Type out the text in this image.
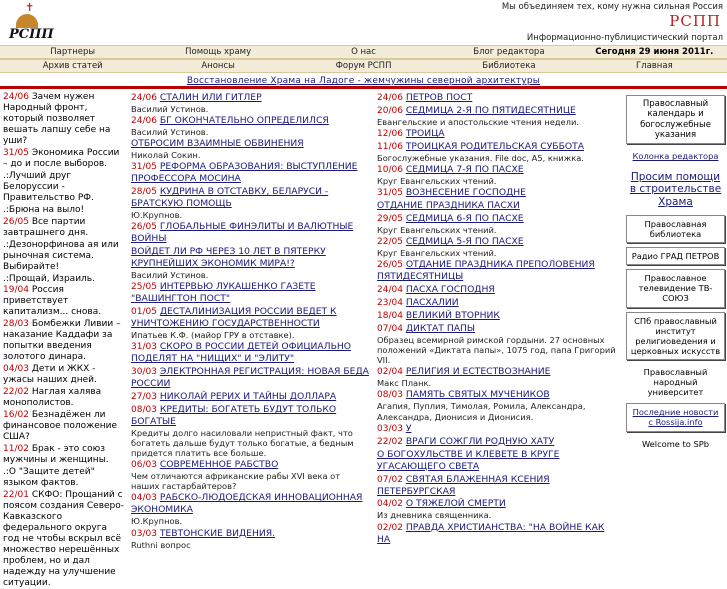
✝
РСПП
Мы объединяем тех, кому нужна сильная Россия
РСПП
Информационно-публицистический портал
Партнеры	Помощь храму	О нас	Блог редактора	Сегодня 29 июня 2011г.
Архив статей	Анонсы	Форум РСПП	Библиотека	Главная
Восстановление Храма на Ладоге - жемчужины северной архитектуры
24/06 Зачем нужен Народный фронт, который позволяет вешать лапшу себе на уши?
31/05 Экономика России – до и после выборов.
.:Лучший друг Белоруссии - Правительство РФ.
.:Брюна на выло!
26/05 Все партии завтрашнего дня.
.:Дезонорфинова ая или рыночная система. Выбирайте!
.:Прощай, Израиль.
19/04 Россия приветствует капитализм... снова.
28/03 Бомбежки Ливии – наказание Каддафи за попытки введения золотого динара.
04/03 Дети и ЖКХ - ужасы наших дней.
22/02 Наглая халява монополистов.
16/02 Безнадёжен ли финансовое положение США?
11/02 Брак - это союз мужчины и женщины.
.:О "Защите детей" языком фактов.
22/01 СКФО: Прощаний с поясом создания Северо-Кавказского федерального округа год не чтобы вскрыл всё множество нерешённых проблем, но и дал надежду на улучшение ситуации.
24/06 СТАЛИН ИЛИ ГИТЛЕР
Василий Устинов.
24/06 БГ ОКОНЧАТЕЛЬНО ОПРЕДЕЛИЛСЯ
Василий Устинов.
ОТБРОСИМ ВЗАИМНЫЕ ОБВИНЕНИЯ
Николай Сокин.
31/05 РЕФОРМА ОБРАЗОВАНИЯ: ВЫСТУПЛЕНИЕ ПРОФЕССОРА МОСИНА
28/05 КУДРИНА В ОТСТАВКУ, БЕЛАРУСИ - БРАТСКУЮ ПОМОЩЬ
Ю.Крупнов.
26/05 ГЛОБАЛЬНЫЕ ФИНЭЛИТЫ И ВАЛЮТНЫЕ ВОЙНЫ
ВОЙДЕТ ЛИ РФ ЧЕРЕЗ 10 ЛЕТ В ПЯТЕРКУ КРУПНЕЙШИХ ЭКОНОМИК МИРА!?
Василий Устинов.
25/05 ИНТЕРВЬЮ ЛУКАШЕНКО ГАЗЕТЕ "ВАШИНГТОН ПОСТ"
01/05 ДЕСТАЛИНИЗАЦИЯ РОССИИ ВЕДЕТ К УНИЧТОЖЕНИЮ ГОСУДАРСТВЕННОСТИ
Ипатьев К.Ф. (майор ГРУ в отставке).
31/03 СКОРО В РОССИИ ДЕТЕЙ ОФИЦИАЛЬНО ПОДЕЛЯТ НА "НИЩИХ" И "ЭЛИТУ"
30/03 ЭЛЕКТРОННАЯ РЕГИСТРАЦИЯ: НОВАЯ БЕДА РОССИИ
27/03 НИКОЛАЙ РЕРИХ И ТАЙНЫ ДОЛЛАРА
08/03 КРЕДИТЫ: БОГАТЕТЬ БУДУТ ТОЛЬКО БОГАТЫЕ
Кредиты долго насиловали непристный факт, что богатеть дальше будут только богатые, а бедным придется платить все больше.
06/03 СОВРЕМЕННОЕ РАБСТВО
Чем отличаются африканские рабы XVI века от наших гастарбайтеров?
04/03 РАБСКО-ЛЮДОЕДСКАЯ ИННОВАЦИОННАЯ ЭКОНОМИКА
Ю.Крупнов.
03/03 ТЕВТОНСКИЕ ВИДЕНИЯ.
Ruthni вопрос
24/06 ПЕТРОВ ПОСТ
20/06 СЕДМИЦА 2-Я ПО ПЯТИДЕСЯТНИЦЕ
Евангельские и апостольские чтения недели.
12/06 ТРОИЦА
11/06 ТРОИЦКАЯ РОДИТЕЛЬСКАЯ СУББОТА
Богослужебные указания. File doc, A5, книжка.
10/06 СЕДМИЦА 7-Я ПО ПАСХЕ
Круг Евангельских чтений.
31/05 ВОЗНЕСЕНИЕ ГОСПОДНЕ
ОТДАНИЕ ПРАЗДНИКА ПАСХИ
29/05 СЕДМИЦА 6-Я ПО ПАСХЕ
Круг Евангельских чтений.
22/05 СЕДМИЦА 5-Я ПО ПАСХЕ
Круг Евангельских чтений.
26/05 ОТДАНИЕ ПРАЗДНИКА ПРЕПОЛОВЕНИЯ ПЯТИДЕСЯТНИЦЫ
24/04 ПАСХА ГОСПОДНЯ
23/04 ПАСХАЛИИ
18/04 ВЕЛИКИЙ ВТОРНИК
07/04 ДИКТАТ ПАПЫ
Образец всемирной римской гордыни. 27 основных положений «Диктата папы», 1075 год, папа Григорий VII.
02/04 РЕЛИГИЯ И ЕСТЕСТВОЗНАНИЕ
Макс Планк.
08/03 ПАМЯТЬ СВЯТЫХ МУЧЕНИКОВ
Агапия, Пуплия, Тимолая, Ромила, Александра, Александра, Дионисия и Дионисия.
03/03 У
22/02 ВРАГИ СОЖГЛИ РОДНУЮ ХАТУ
О БОГОХУЛЬСТВЕ И КЛЕВЕТЕ В КРУГЕ УГАСАЮЩЕГО СВЕТА
07/02 СВЯТАЯ БЛАЖЕННАЯ КСЕНИЯ ПЕТЕРБУРГСКАЯ
04/02 О ТЯЖЕЛОЙ СМЕРТИ
Из дневника священника.
02/02 ПРАВДА ХРИСТИАНСТВА: "НА ВОЙНЕ КАК НА
Православный календарь и богослужебные указания
Колонка редактора
Просим помощи в строительстве Храма
Православная библиотека
Радио ГРАД ПЕТРОВ
Православное телевидение ТВ-СОЮЗ
СПб православный институт религиоведения и церковных искусств
Православный народный университет
Последние новости с Rossija.info
Welcome to SPb
